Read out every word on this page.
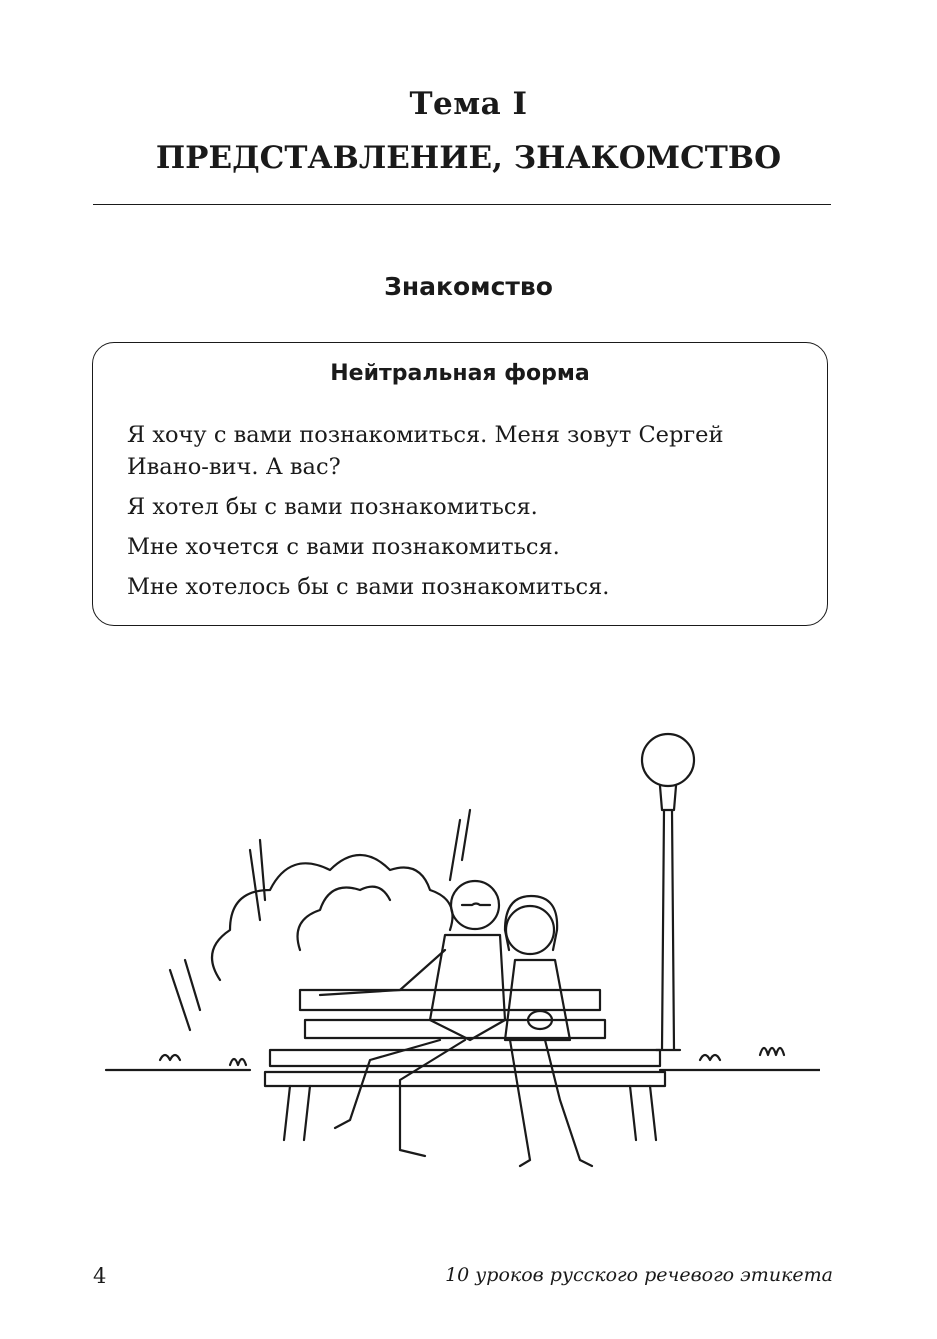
Тема I
ПРЕДСТАВЛЕНИЕ, ЗНАКОМСТВО
Знакомство
Нейтральная форма

Я хочу с вами познакомиться. Меня зовут Сергей Ивано-вич. А вас?

Я хотел бы с вами познакомиться.

Мне хочется с вами познакомиться.

Мне хотелось бы с вами познакомиться.

4	10 уроков русского речевого этикета
